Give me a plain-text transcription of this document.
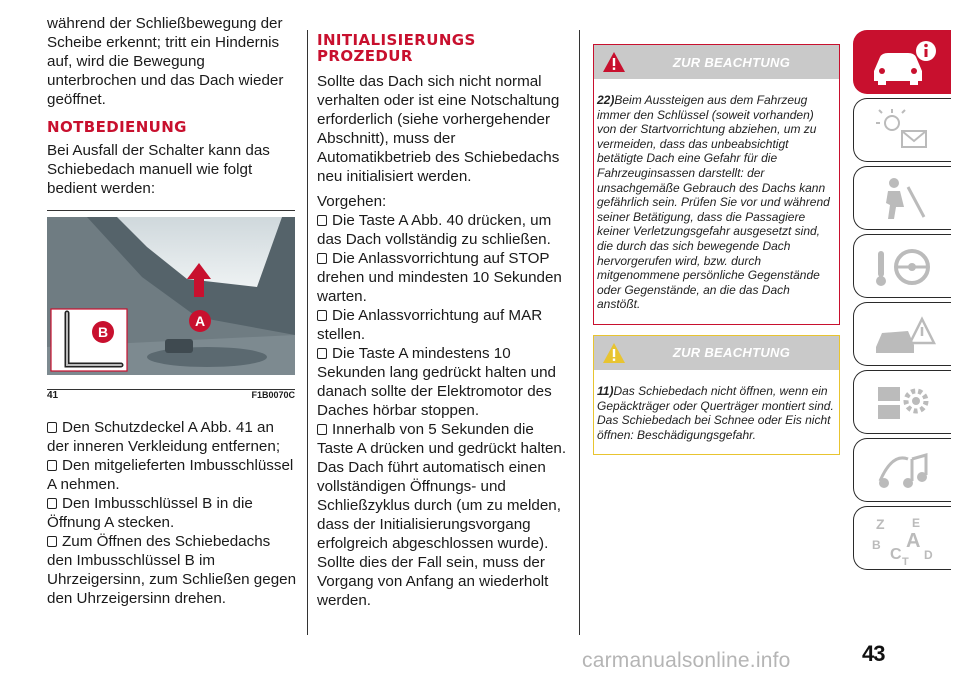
während der Schließbewegung der Scheibe erkennt; tritt ein Hindernis auf, wird die Bewegung unterbrochen und das Dach wieder geöffnet.

NOTBEDIENUNG

Bei Ausfall der Schalter kann das Schiebedach manuell wie folgt bedient werden:

A
B
41	F1B0070C

Den Schutzdeckel A Abb. 41 an der inneren Verkleidung entfernen;

Den mitgelieferten Imbusschlüssel A nehmen.

Den Imbusschlüssel B in die Öffnung A stecken.

Zum Öffnen des Schiebedachs den Imbusschlüssel B im Uhrzeigersinn, zum Schließen gegen den Uhrzeigersinn drehen.

INITIALISIERUNGS
PROZEDUR

Sollte das Dach sich nicht normal verhalten oder ist eine Notschaltung erforderlich (siehe vorhergehender Abschnitt), muss der Automatikbetrieb des Schiebedachs neu initialisiert werden.

Vorgehen:

Die Taste A Abb. 40 drücken, um das Dach vollständig zu schließen.

Die Anlassvorrichtung auf STOP drehen und mindesten 10 Sekunden warten.

Die Anlassvorrichtung auf MAR stellen.

Die Taste A mindestens 10 Sekunden lang gedrückt halten und danach sollte der Elektromotor des Daches hörbar stoppen.

Innerhalb von 5 Sekunden die Taste A drücken und gedrückt halten. Das Dach führt automatisch einen vollständigen Öffnungs- und Schließzyklus durch (um zu melden, dass der Initialisierungsvorgang erfolgreich abgeschlossen wurde). Sollte dies der Fall sein, muss der Vorgang von Anfang an wiederholt werden.

ZUR BEACHTUNG
22)Beim Aussteigen aus dem Fahrzeug immer den Schlüssel (soweit vorhanden) von der Startvorrichtung abziehen, um zu vermeiden, dass das unbeabsichtigt betätigte Dach eine Gefahr für die Fahrzeuginsassen darstellt: der unsachgemäße Gebrauch des Dachs kann gefährlich sein. Prüfen Sie vor und während seiner Betätigung, dass die Passagiere keiner Verletzungsgefahr ausgesetzt sind, die durch das sich bewegende Dach hervorgerufen wird, bzw. durch mitgenommene persönliche Gegenstände oder Gegenstände, an die das Dach anstößt.
ZUR BEACHTUNG
11)Das Schiebedach nicht öffnen, wenn ein Gepäckträger oder Querträger montiert sind. Das Schiebedach bei Schnee oder Eis nicht öffnen: Beschädigungsgefahr.
Z E
B A
C T D
43
carmanualsonline.info
